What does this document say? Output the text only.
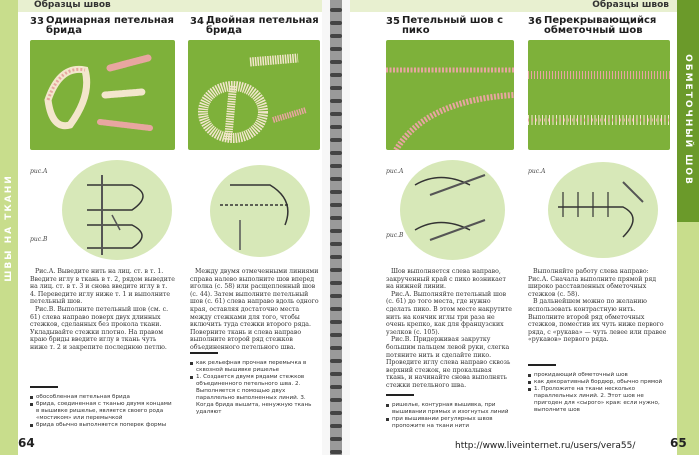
ШВЫ НА ТКАНИ
ОБМЕТОЧНЫЙ ШОВ
Образцы швов	Образцы швов
33 Одинарная петельная брида
рис.А
рис.В

Рис.А. Выведите нить на лиц. ст. в т. 1. Введите иглу в ткань в т. 2, рядом выведите на лиц. ст. в т. 3 и снова введите иглу в т. 4. Переведите иглу ниже т. 1 и выполните петельный шов.

Рис.В. Выполните петельный шов (см. с. 61) слева направо поверх двух длинных стежков, сделанных без прокола ткани. Укладывайте стежки плотно. На правом краю бриды введите иглу в ткань чуть ниже т. 2 и закрепите последнюю петлю.

обособленная петельная брида
брида, соединенная с тканью двумя концами в вышивке ришелье, является своего рода «мостиком» или перемычкой
брида обычно выполняется поперек формы
64
34 Двойная петельная брида

Между двумя отмеченными линиями справа налево выполните шов вперед иголка (с. 58) или расщепленный шов (с. 44). Затем выполните петельный шов (с. 61) слева направо вдоль одного края, оставляя достаточно места между стежками для того, чтобы включить туда стежки второго ряда. Поверните ткань и слева направо выполните второй ряд стежков объединенного петельного шва.

как рельефная прочная перемычка в сквозной вышивке ришелье
1. Создается двумя рядами стежков объединенного петельного шва. 2. Выполняется с помощью двух параллельно выполненных линий. 3. Когда брида вышита, ненужную ткань удаляют
35 Петельный шов с пико
рис.А
рис.В

Шов выполняется слева направо, закрученный край с пико возникает на нижней линии.

Рис.А. Выполняйте петельный шов (с. 61) до того места, где нужно сделать пико. В этом месте накрутите нить на кончик иглы три раза не очень крепко, как для французских узелков (с. 105).

Рис.В. Придерживая закрутку большим пальцем левой руки, слегка потяните нить и сделайте пико. Проведите иглу слева направо сквозь верхний стежок, не прокалывая ткань, и начинайте снова выполнять стежки петельного шва.

ришелье, контурная вышивка, при вышивании прямых и изогнутых линий
при вышивании регулярных швов пропожите на ткани нити
36 Перекрывающийся обметочный шов
рис.А

Выполняйте работу слева направо: Рис.А. Сначала выполните прямой ряд широко расставленных обметочных стежков (с. 58).

В дальнейшем можно по желанию использовать контрастную нить. Выполните второй ряд обметочных стежков, поместив их чуть ниже первого ряда, с «рукава» — чуть левее или правее «рукавов» первого ряда.

прокидающий обметочный шов
как декоративный бордюр, обычно прямой
1. Проложите на ткани несколько параллельных линий. 2. Этот шов не пригоден для «сырого» края: если нужно, выполните шов
65
http://www.liveinternet.ru/users/vera55/
